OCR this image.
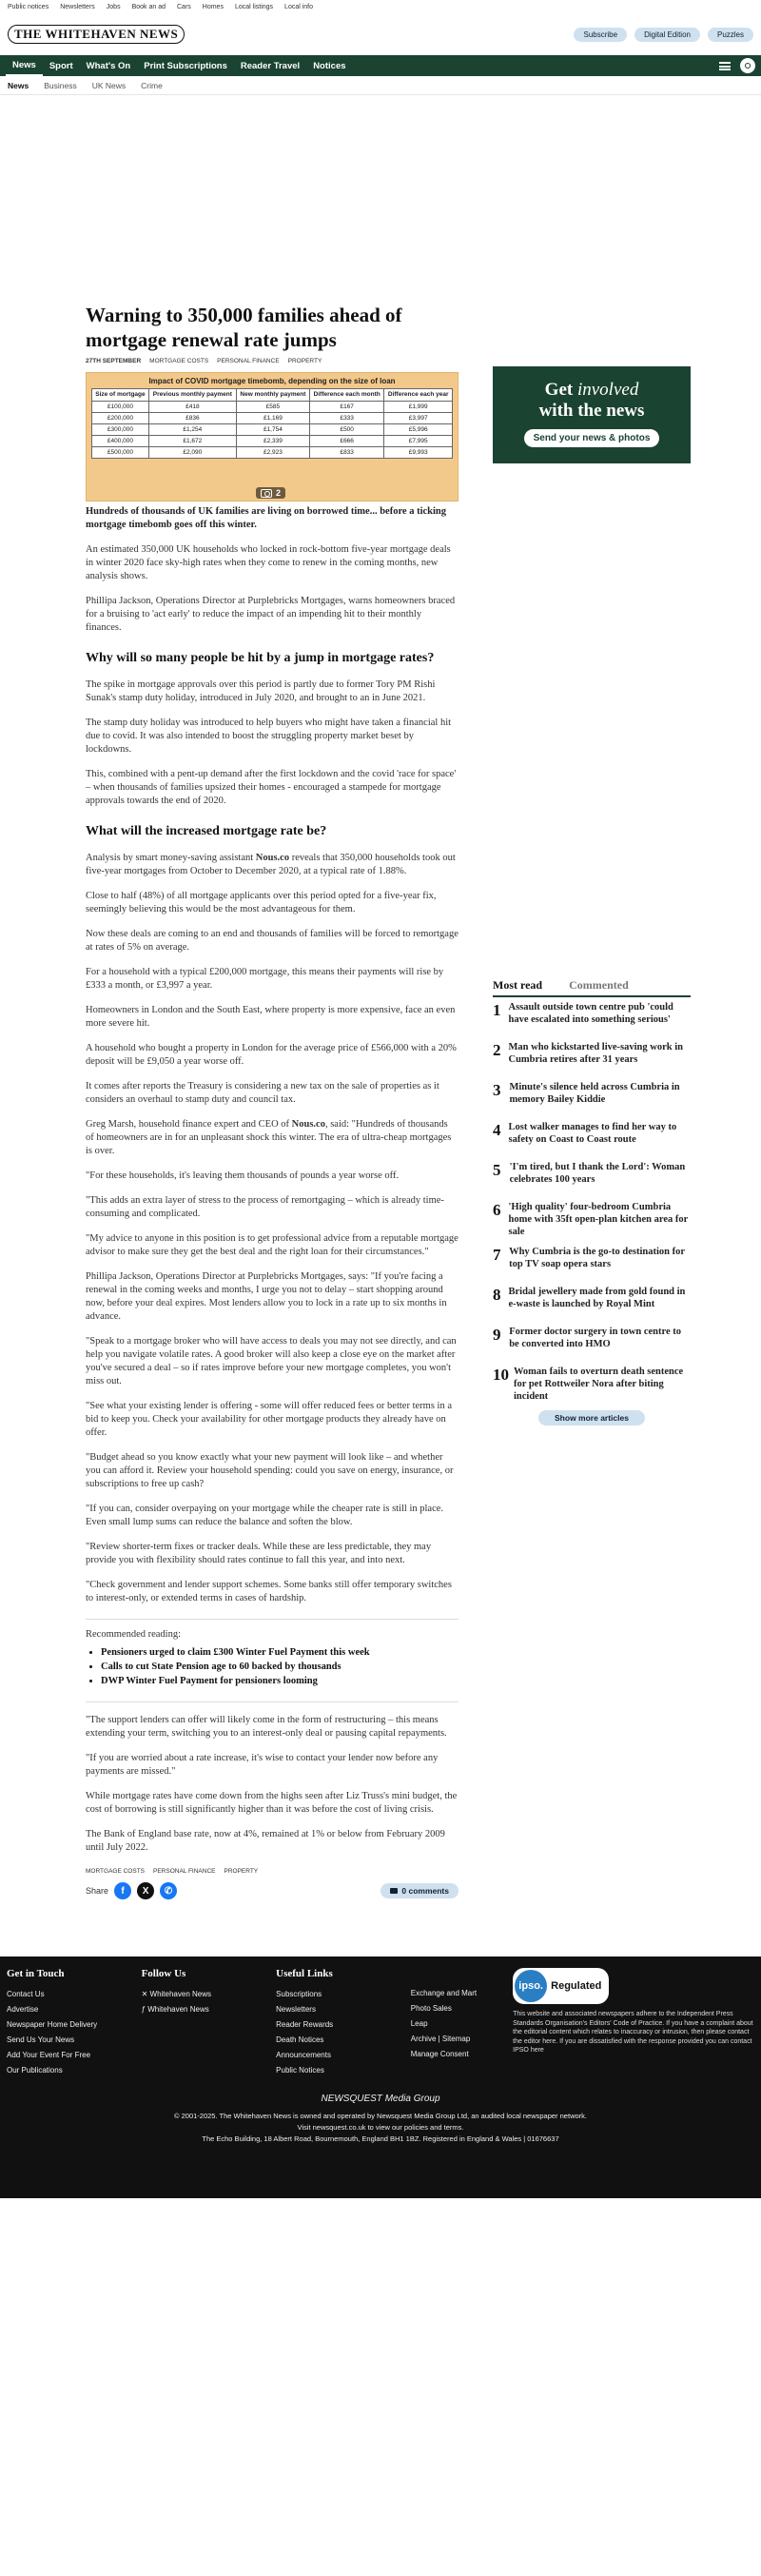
Public notices Newsletters Jobs Book an ad Cars Homes Local listings Local info
THE WHITEHAVEN NEWS	Subscribe	Digital Edition	Puzzles
News	Sport	What's On	Print Subscriptions	Reader Travel	Notices
News Business UK News Crime
Warning to 350,000 families ahead of mortgage renewal rate jumps
27TH SEPTEMBER MORTGAGE COSTS PERSONAL FINANCE PROPERTY
Impact of COVID mortgage timebomb, depending on the size of loan
Size of mortgage	Previous monthly payment	New monthly payment	Difference each month	Difference each year
£100,000	£418	£585	£167	£1,999
£200,000	£836	£1,169	£333	£3,997
£300,000	£1,254	£1,754	£500	£5,996
£400,000	£1,672	£2,339	£666	£7,995
£500,000	£2,090	£2,923	£833	£9,993
2

Hundreds of thousands of UK families are living on borrowed time... before a ticking mortgage timebomb goes off this winter.

An estimated 350,000 UK households who locked in rock-bottom five-year mortgage deals in winter 2020 face sky-high rates when they come to renew in the coming months, new analysis shows.

Phillipa Jackson, Operations Director at Purplebricks Mortgages, warns homeowners braced for a bruising to 'act early' to reduce the impact of an impending hit to their monthly finances.

Why will so many people be hit by a jump in mortgage rates?

The spike in mortgage approvals over this period is partly due to former Tory PM Rishi Sunak's stamp duty holiday, introduced in July 2020, and brought to an in June 2021.

The stamp duty holiday was introduced to help buyers who might have taken a financial hit due to covid. It was also intended to boost the struggling property market beset by lockdowns.

This, combined with a pent-up demand after the first lockdown and the covid 'race for space' – when thousands of families upsized their homes - encouraged a stampede for mortgage approvals towards the end of 2020.

What will the increased mortgage rate be?

Analysis by smart money-saving assistant Nous.co reveals that 350,000 households took out five-year mortgages from October to December 2020, at a typical rate of 1.88%.

Close to half (48%) of all mortgage applicants over this period opted for a five-year fix, seemingly believing this would be the most advantageous for them.

Now these deals are coming to an end and thousands of families will be forced to remortgage at rates of 5% on average.

For a household with a typical £200,000 mortgage, this means their payments will rise by £333 a month, or £3,997 a year.

Homeowners in London and the South East, where property is more expensive, face an even more severe hit.

A household who bought a property in London for the average price of £566,000 with a 20% deposit will be £9,050 a year worse off.

It comes after reports the Treasury is considering a new tax on the sale of properties as it considers an overhaul to stamp duty and council tax.

Greg Marsh, household finance expert and CEO of Nous.co, said: "Hundreds of thousands of homeowners are in for an unpleasant shock this winter. The era of ultra-cheap mortgages is over.

"For these households, it's leaving them thousands of pounds a year worse off.

"This adds an extra layer of stress to the process of remortgaging – which is already time-consuming and complicated.

"My advice to anyone in this position is to get professional advice from a reputable mortgage advisor to make sure they get the best deal and the right loan for their circumstances."

Phillipa Jackson, Operations Director at Purplebricks Mortgages, says: "If you're facing a renewal in the coming weeks and months, I urge you not to delay – start shopping around now, before your deal expires. Most lenders allow you to lock in a rate up to six months in advance.

"Speak to a mortgage broker who will have access to deals you may not see directly, and can help you navigate volatile rates. A good broker will also keep a close eye on the market after you've secured a deal – so if rates improve before your new mortgage completes, you won't miss out.

"See what your existing lender is offering - some will offer reduced fees or better terms in a bid to keep you. Check your availability for other mortgage products they already have on offer.

"Budget ahead so you know exactly what your new payment will look like – and whether you can afford it. Review your household spending: could you save on energy, insurance, or subscriptions to free up cash?

"If you can, consider overpaying on your mortgage while the cheaper rate is still in place. Even small lump sums can reduce the balance and soften the blow.

"Review shorter-term fixes or tracker deals. While these are less predictable, they may provide you with flexibility should rates continue to fall this year, and into next.

"Check government and lender support schemes. Some banks still offer temporary switches to interest-only, or extended terms in cases of hardship.

Recommended reading:
• Pensioners urged to claim £300 Winter Fuel Payment this week
• Calls to cut State Pension age to 60 backed by thousands
• DWP Winter Fuel Payment for pensioners looming

"The support lenders can offer will likely come in the form of restructuring – this means extending your term, switching you to an interest-only deal or pausing capital repayments.

"If you are worried about a rate increase, it's wise to contact your lender now before any payments are missed."

While mortgage rates have come down from the highs seen after Liz Truss's mini budget, the cost of borrowing is still significantly higher than it was before the cost of living crisis.

The Bank of England base rate, now at 4%, remained at 1% or below from February 2009 until July 2022.

MORTGAGE COSTS PERSONAL FINANCE PROPERTY
Share	f	X	✆	0 comments
Get involved
with the news
Send your news & photos
Most read Commented
1 Assault outside town centre pub 'could have escalated into something serious'
2 Man who kickstarted live-saving work in Cumbria retires after 31 years
3 Minute's silence held across Cumbria in memory Bailey Kiddie
4 Lost walker manages to find her way to safety on Coast to Coast route
5 'I'm tired, but I thank the Lord': Woman celebrates 100 years
6 'High quality' four-bedroom Cumbria home with 35ft open-plan kitchen area for sale
7 Why Cumbria is the go-to destination for top TV soap opera stars
8 Bridal jewellery made from gold found in e-waste is launched by Royal Mint
9 Former doctor surgery in town centre to be converted into HMO
10 Woman fails to overturn death sentence for pet Rottweiler Nora after biting incident
Show more articles
Get in Touch
Contact Us
Advertise
Newspaper Home Delivery
Send Us Your News
Add Your Event For Free
Our Publications
Follow Us
✕ Whitehaven News
ƒ Whitehaven News
Useful Links
Subscriptions
Newsletters
Reader Rewards
Death Notices
Announcements
Public Notices
Exchange and Mart
Photo Sales
Leap
Archive | Sitemap
Manage Consent
ipso. Regulated

This website and associated newspapers adhere to the Independent Press Standards Organisation's Editors' Code of Practice. If you have a complaint about the editorial content which relates to inaccuracy or intrusion, then please contact the editor here. If you are dissatisfied with the response provided you can contact IPSO here

NEWSQUEST Media Group
© 2001-2025. The Whitehaven News is owned and operated by Newsquest Media Group Ltd, an audited local newspaper network.
Visit newsquest.co.uk to view our policies and terms.
The Echo Building, 18 Albert Road, Bournemouth, England BH1 1BZ. Registered in England & Wales | 01676637
